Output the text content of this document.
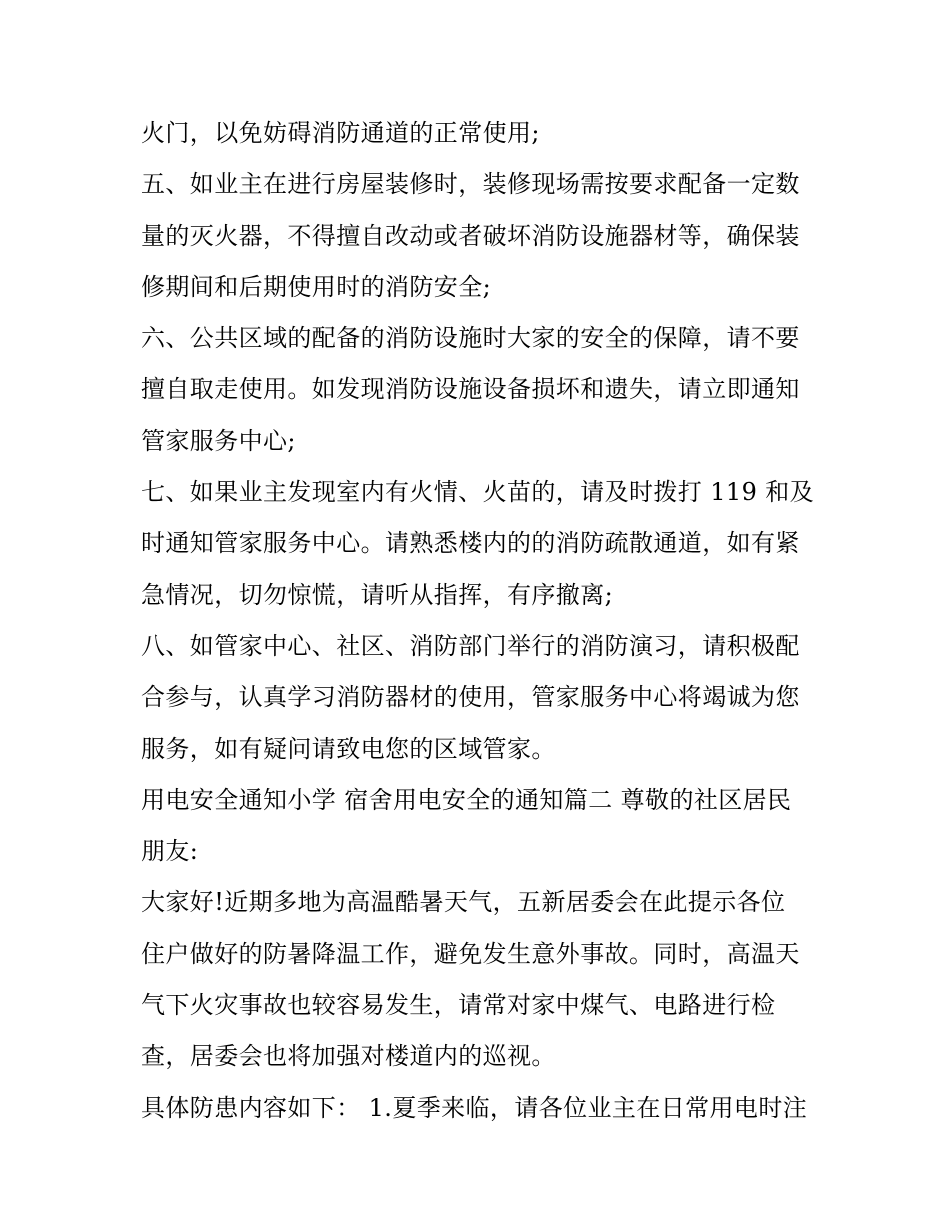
火门，以免妨碍消防通道的正常使用;
五、如业主在进行房屋装修时，装修现场需按要求配备一定数
量的灭火器，不得擅自改动或者破坏消防设施器材等，确保装
修期间和后期使用时的消防安全;
六、公共区域的配备的消防设施时大家的安全的保障，请不要
擅自取走使用。如发现消防设施设备损坏和遗失，请立即通知
管家服务中心;
七、如果业主发现室内有火情、火苗的，请及时拨打 119 和及
时通知管家服务中心。请熟悉楼内的的消防疏散通道，如有紧
急情况，切勿惊慌，请听从指挥，有序撤离;
八、如管家中心、社区、消防部门举行的消防演习，请积极配
合参与，认真学习消防器材的使用，管家服务中心将竭诚为您
服务，如有疑问请致电您的区域管家。
用电安全通知小学 宿舍用电安全的通知篇二 尊敬的社区居民
朋友:
大家好!近期多地为高温酷暑天气，五新居委会在此提示各位
住户做好的防暑降温工作，避免发生意外事故。同时，高温天
气下火灾事故也较容易发生，请常对家中煤气、电路进行检
查，居委会也将加强对楼道内的巡视。
具体防患内容如下： 1.夏季来临，请各位业主在日常用电时注
